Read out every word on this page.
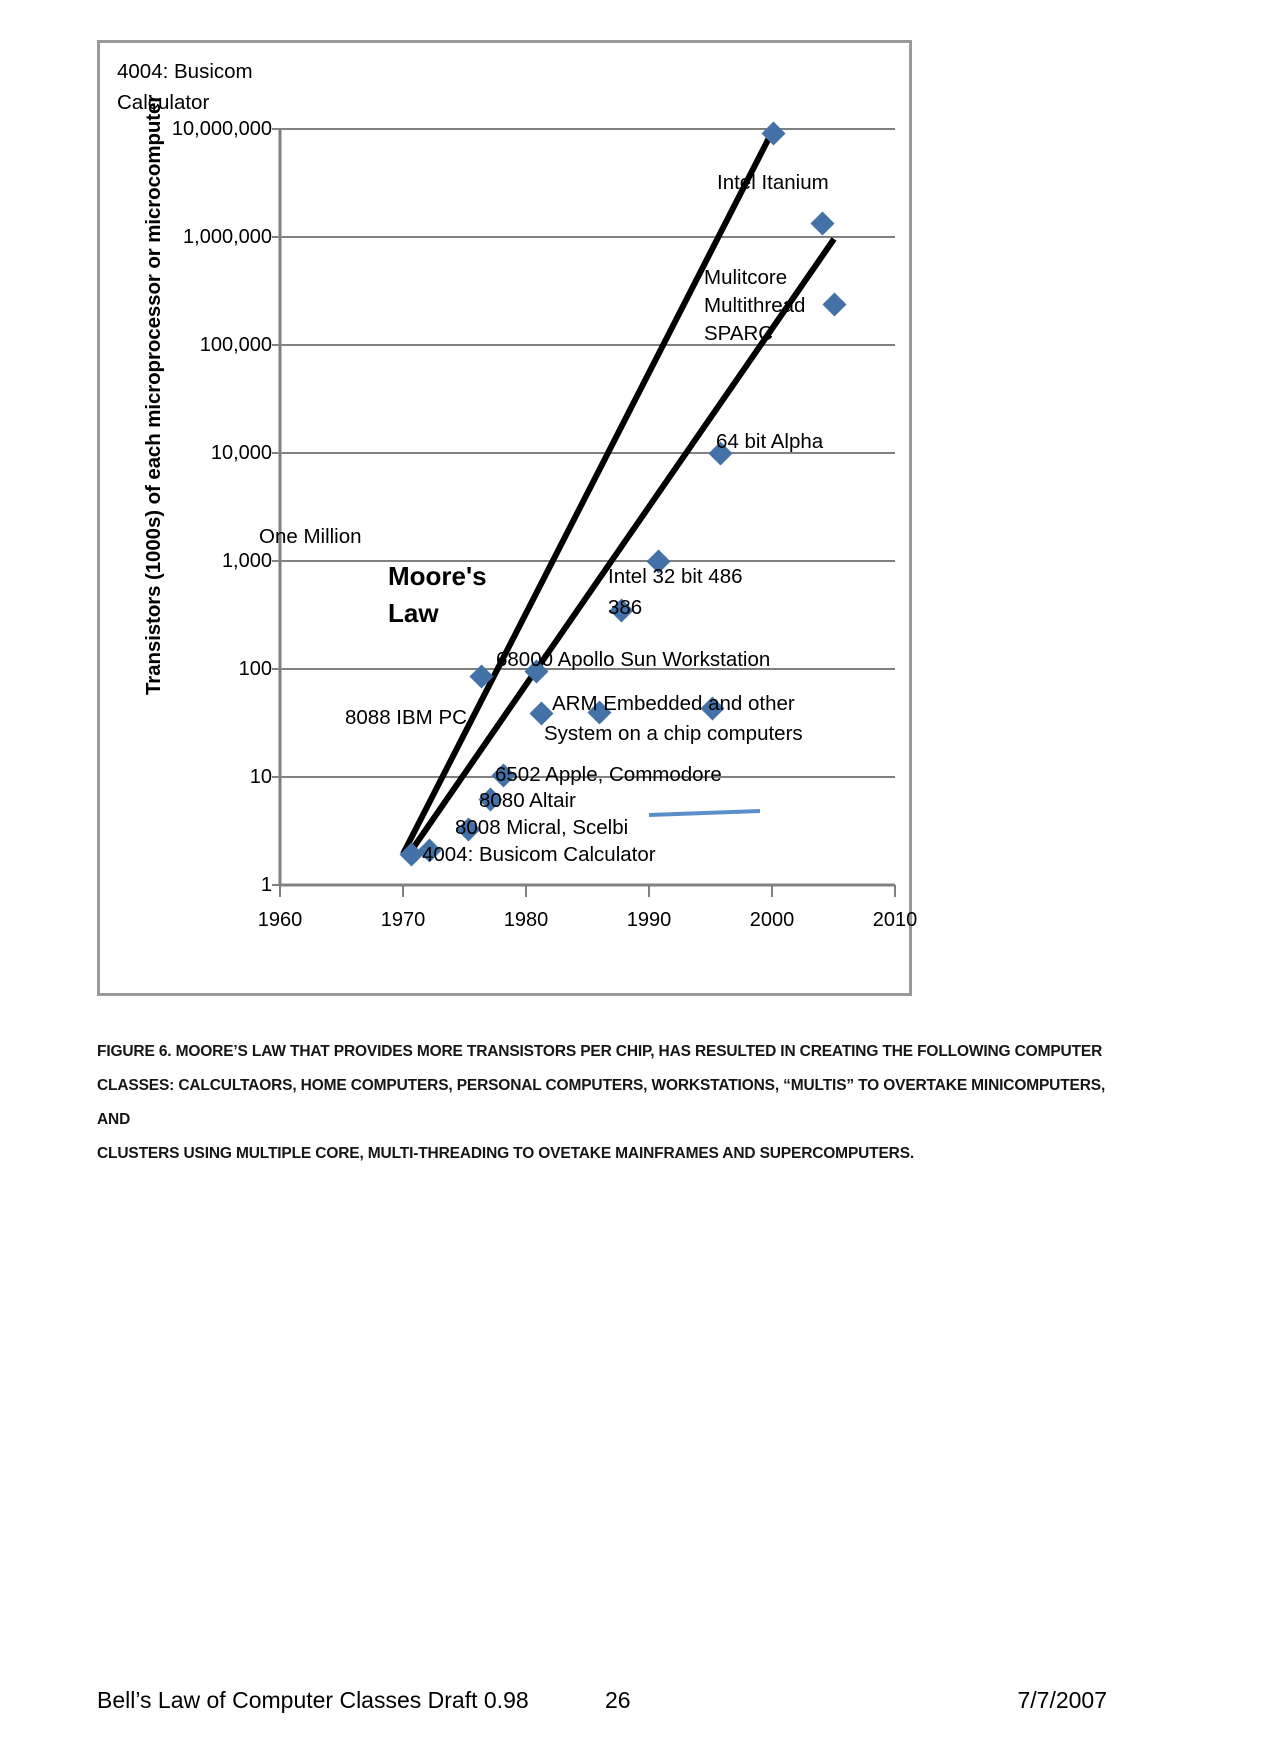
4004: Busicom
Calculator
Transistors (1000s) of each microprocessor or microcomputer 10,000,000
1,000,000
100,000
10,000
1,000
100
10
1
1960	1970	1980	1990	2000	2010
Intel Itanium
Mulitcore
Multithread
SPARC
64 bit Alpha
One Million
Moore's
Law
Intel 32 bit 486
386
68000 Apollo Sun Workstation
ARM Embedded and other
System on a chip computers
8088 IBM PC
6502 Apple, Commodore
8080 Altair
8008 Micral, Scelbi
4004: Busicom Calculator
FIGURE 6. MOORE’S LAW THAT PROVIDES MORE TRANSISTORS PER CHIP, HAS RESULTED IN CREATING THE FOLLOWING COMPUTER
CLASSES: CALCULTAORS, HOME COMPUTERS, PERSONAL COMPUTERS, WORKSTATIONS, “MULTIS” TO OVERTAKE MINICOMPUTERS, AND
CLUSTERS USING MULTIPLE CORE, MULTI-THREADING TO OVETAKE MAINFRAMES AND SUPERCOMPUTERS.
Bell’s Law of Computer Classes Draft 0.98	26	7/7/2007
